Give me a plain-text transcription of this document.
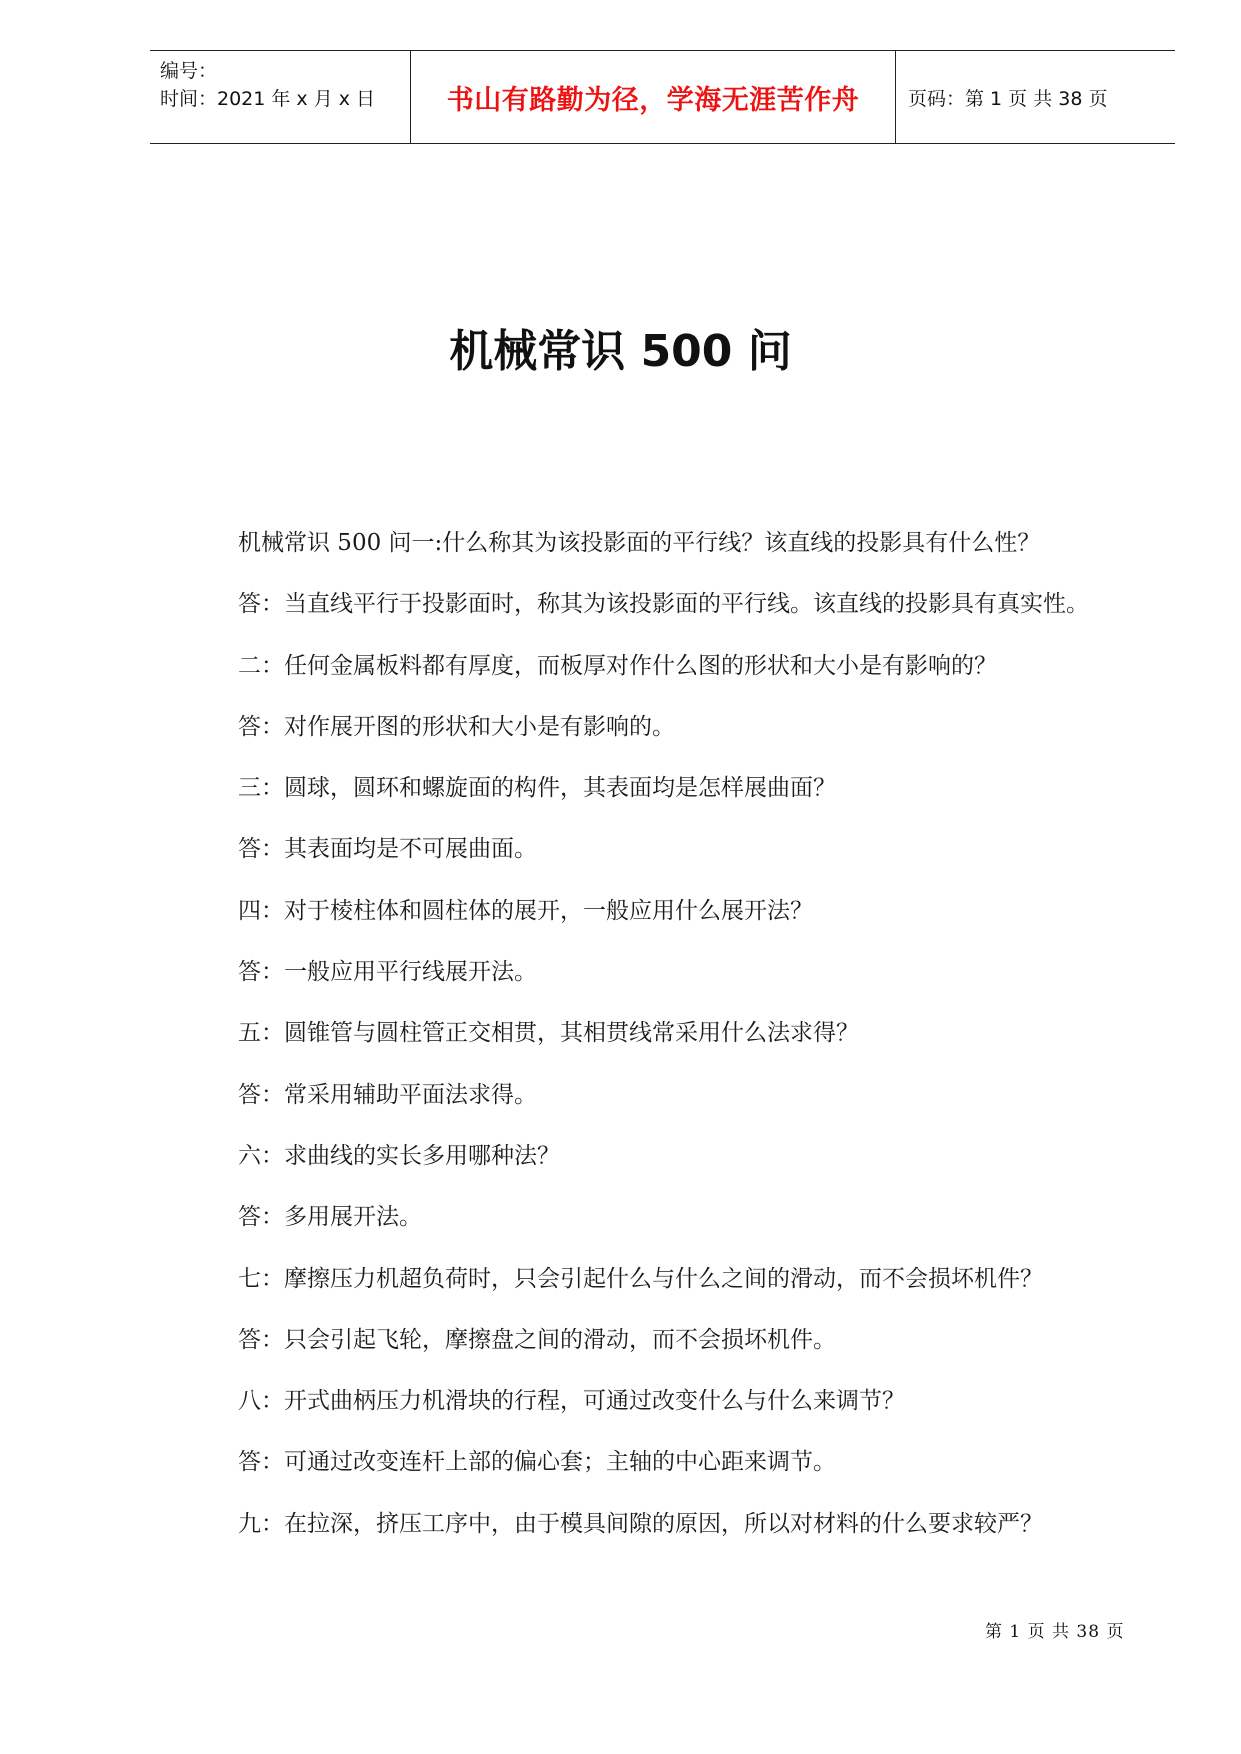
编号：
时间：2021 年 x 月 x 日	书山有路勤为径，学海无涯苦作舟	页码：第 1 页 共 38 页
机械常识 500 问
机械常识 500 问一:什么称其为该投影面的平行线？该直线的投影具有什么性？
答：当直线平行于投影面时，称其为该投影面的平行线。该直线的投影具有真实性。
二：任何金属板料都有厚度，而板厚对作什么图的形状和大小是有影响的？
答：对作展开图的形状和大小是有影响的。
三：圆球，圆环和螺旋面的构件，其表面均是怎样展曲面？
答：其表面均是不可展曲面。
四：对于棱柱体和圆柱体的展开，一般应用什么展开法？
答：一般应用平行线展开法。
五：圆锥管与圆柱管正交相贯，其相贯线常采用什么法求得？
答：常采用辅助平面法求得。
六：求曲线的实长多用哪种法？
答：多用展开法。
七：摩擦压力机超负荷时，只会引起什么与什么之间的滑动，而不会损坏机件？
答：只会引起飞轮，摩擦盘之间的滑动，而不会损坏机件。
八：开式曲柄压力机滑块的行程，可通过改变什么与什么来调节？
答：可通过改变连杆上部的偏心套；主轴的中心距来调节。
九：在拉深，挤压工序中，由于模具间隙的原因，所以对材料的什么要求较严？
第 1 页 共 38 页
